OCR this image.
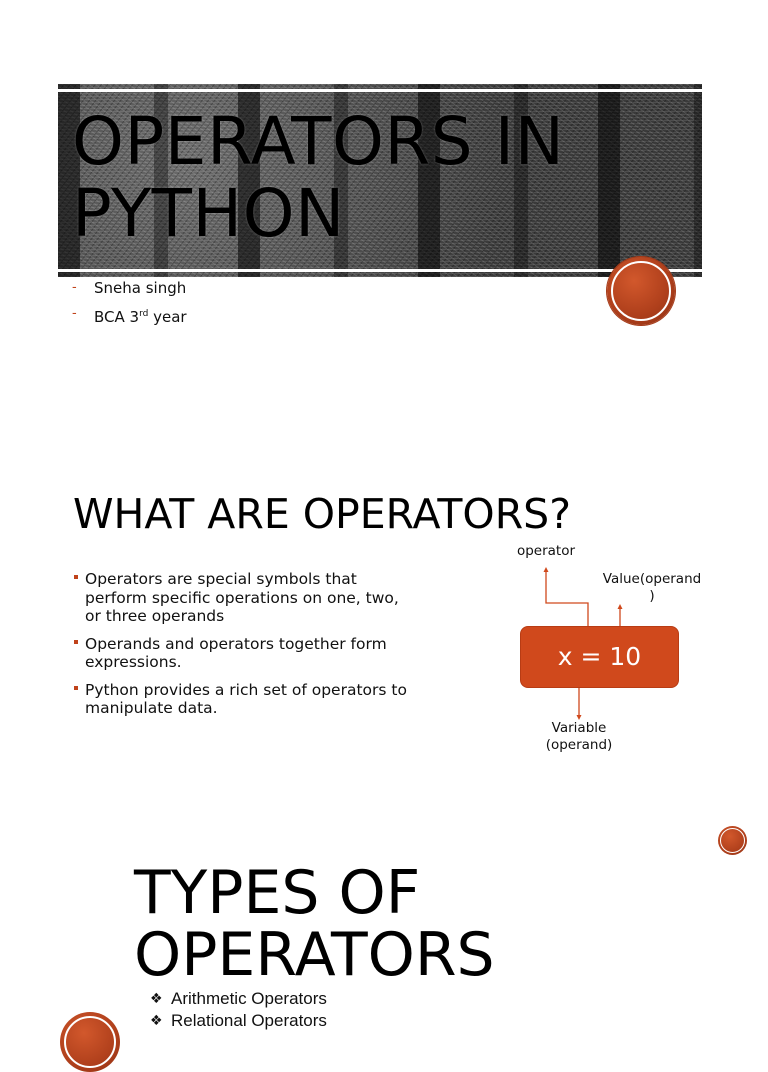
OPERATORS IN PYTHON
-	Sneha singh
-	BCA 3rd year
WHAT ARE OPERATORS?
Operators are special symbols that perform specific operations on one, two, or three operands
Operands and operators together form expressions.
Python provides a rich set of operators to manipulate data.
operator
Value(operand
)
x = 10
Variable
(operand)
TYPES OF
OPERATORS
❖ Arithmetic Operators
❖ Relational Operators
